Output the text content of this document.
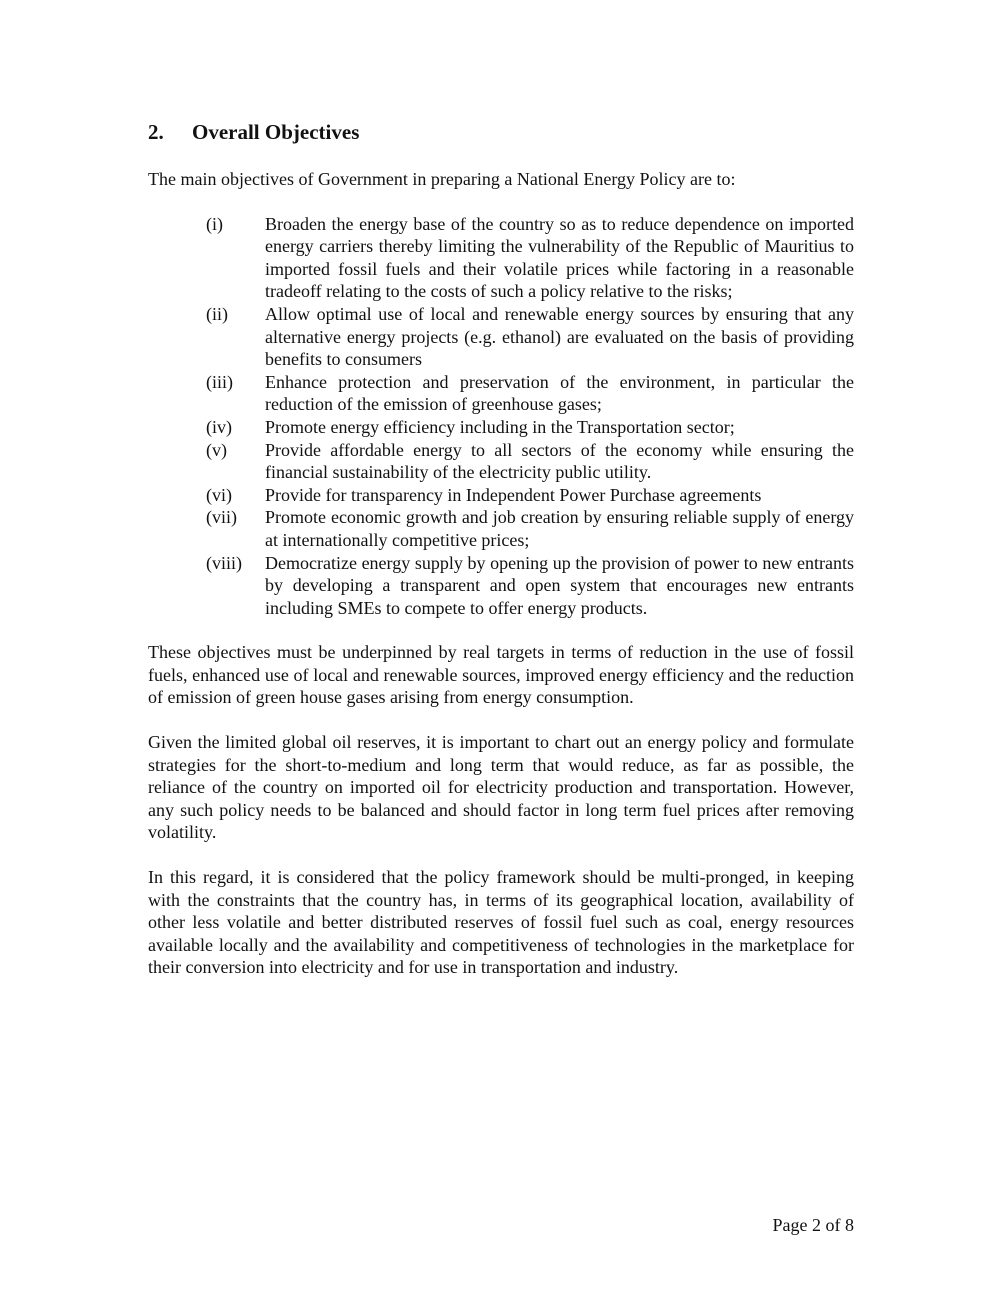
2.	Overall Objectives

The main objectives of Government in preparing a National Energy Policy are to:

(i)	Broaden the energy base of the country so as to reduce dependence on imported energy carriers thereby limiting the vulnerability of the Republic of Mauritius to imported fossil fuels and their volatile prices while factoring in a reasonable tradeoff relating to the costs of such a policy relative to the risks;
(ii)	Allow optimal use of local and renewable energy sources by ensuring that any alternative energy projects (e.g. ethanol) are evaluated on the basis of providing benefits to consumers
(iii)	Enhance protection and preservation of the environment, in particular the reduction of the emission of greenhouse gases;
(iv)	Promote energy efficiency including in the Transportation sector;
(v)	Provide affordable energy to all sectors of the economy while ensuring the financial sustainability of the electricity public utility.
(vi)	Provide for transparency in Independent Power Purchase agreements
(vii)	Promote economic growth and job creation by ensuring reliable supply of energy at internationally competitive prices;
(viii)	Democratize energy supply by opening up the provision of power to new entrants by developing a transparent and open system that encourages new entrants including SMEs to compete to offer energy products.

These objectives must be underpinned by real targets in terms of reduction in the use of fossil fuels, enhanced use of local and renewable sources, improved energy efficiency and the reduction of emission of green house gases arising from energy consumption.

Given the limited global oil reserves, it is important to chart out an energy policy and formulate strategies for the short-to-medium and long term that would reduce, as far as possible, the reliance of the country on imported oil for electricity production and transportation. However, any such policy needs to be balanced and should factor in long term fuel prices after removing volatility.

In this regard, it is considered that the policy framework should be multi-pronged, in keeping with the constraints that the country has, in terms of its geographical location, availability of other less volatile and better distributed reserves of fossil fuel such as coal, energy resources available locally and the availability and competitiveness of technologies in the marketplace for their conversion into electricity and for use in transportation and industry.

Page 2 of 8
